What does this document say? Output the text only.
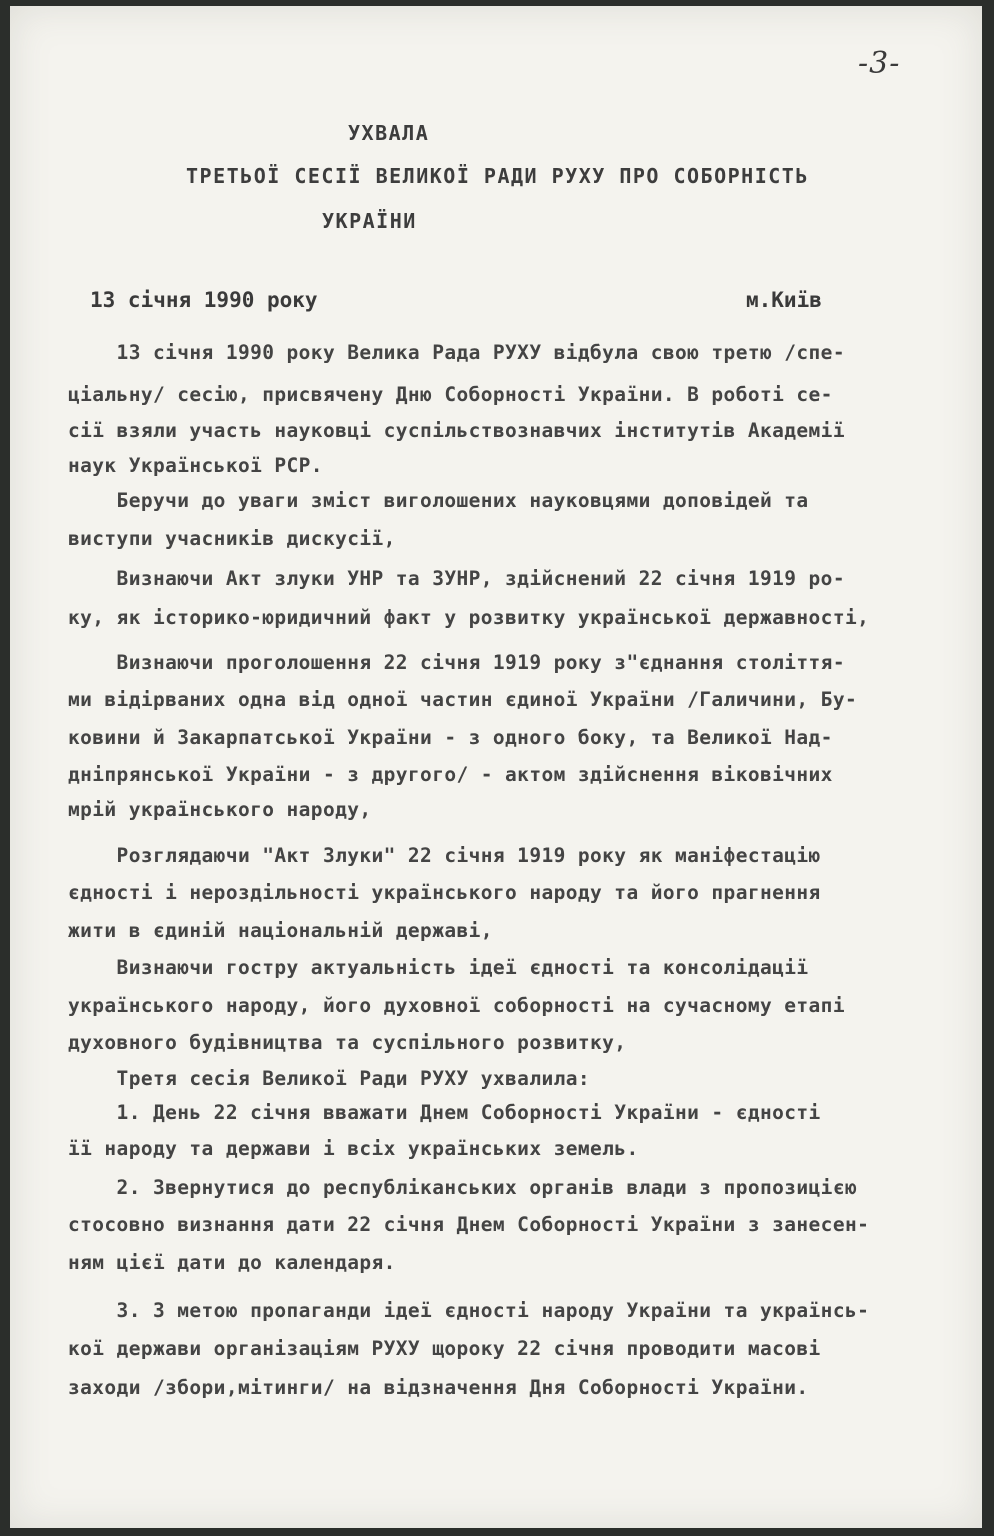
-3-
УХВАЛА
ТРЕТЬОЇ СЕСІЇ ВЕЛИКОЇ РАДИ РУХУ ПРО СОБОРНІСТЬ
УКРАЇНИ
13 січня 1990 року	м.Київ
13 січня 1990 року Велика Рада РУХУ відбула свою третю /спе-
ціальну/ сесію, присвячену Дню Соборності України. В роботі се-
сії взяли участь науковці суспільствознавчих інститутів Академії
наук Української РСР.
Беручи до уваги зміст виголошених науковцями доповідей та
виступи учасників дискусії,
Визнаючи Акт злуки УНР та ЗУНР, здійснений 22 січня 1919 ро-
ку, як історико-юридичний факт у розвитку української державності,
Визнаючи проголошення 22 січня 1919 року з"єднання століття-
ми відірваних одна від одної частин єдиної України /Галичини, Бу-
ковини й Закарпатської України - з одного боку, та Великої Над-
дніпрянської України - з другого/ - актом здійснення віковічних
мрій українського народу,
Розглядаючи "Акт Злуки" 22 січня 1919 року як маніфестацію
єдності і нероздільності українського народу та його прагнення
жити в єдиній національній державі,
Визнаючи гостру актуальність ідеї єдності та консолідації
українського народу, його духовної соборності на сучасному етапі
духовного будівництва та суспільного розвитку,
Третя сесія Великої Ради РУХУ ухвалила:
1. День 22 січня вважати Днем Соборності України - єдності
її народу та держави і всіх українських земель.
2. Звернутися до республіканських органів влади з пропозицією
стосовно визнання дати 22 січня Днем Соборності України з занесен-
ням цієї дати до календаря.
3. З метою пропаганди ідеї єдності народу України та українсь-
кої держави організаціям РУХУ щороку 22 січня проводити масові
заходи /збори,мітинги/ на відзначення Дня Соборності України.
